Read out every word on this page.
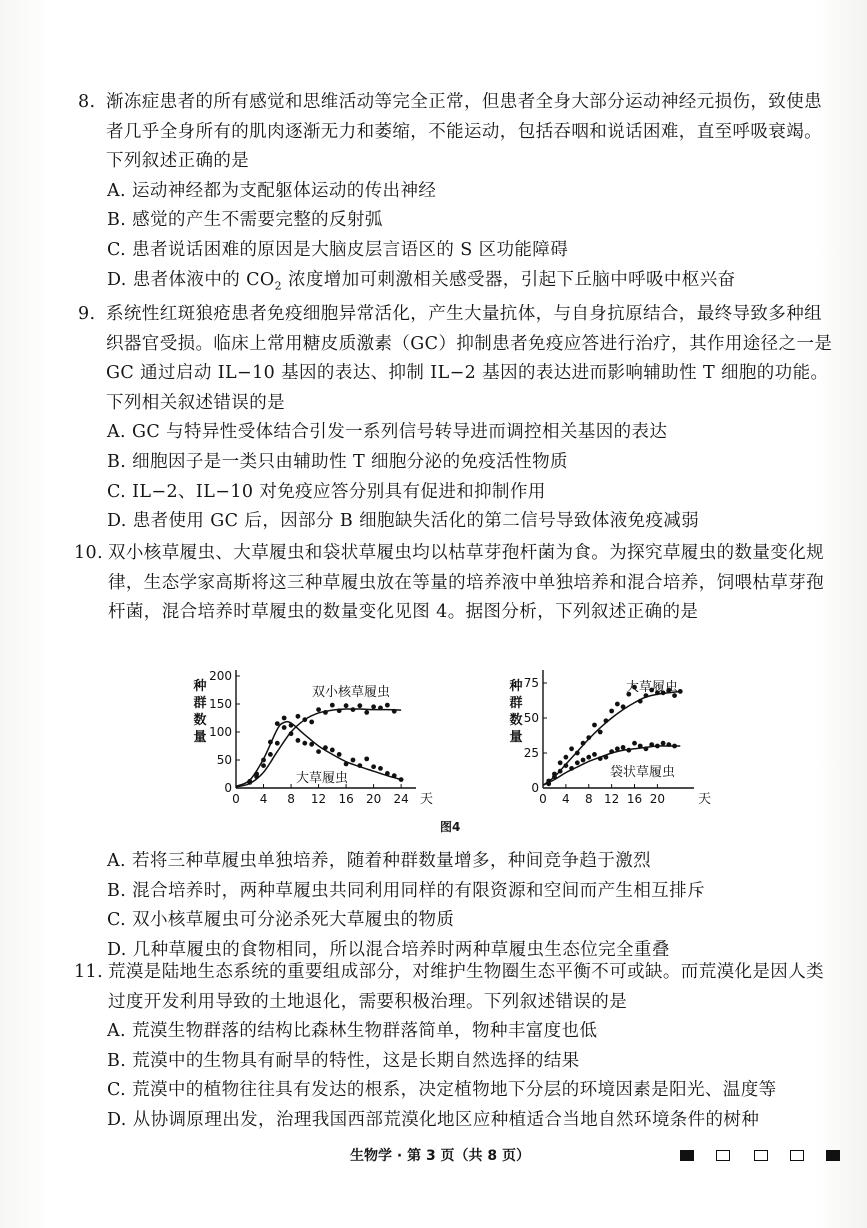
8. 渐冻症患者的所有感觉和思维活动等完全正常，但患者全身大部分运动神经元损伤，致使患者几乎全身所有的肌肉逐渐无力和萎缩，不能运动，包括吞咽和说话困难，直至呼吸衰竭。下列叙述正确的是

A. 运动神经都为支配躯体运动的传出神经

B. 感觉的产生不需要完整的反射弧

C. 患者说话困难的原因是大脑皮层言语区的 S 区功能障碍

D. 患者体液中的 $CO_2$ 浓度增加可刺激相关感受器，引起下丘脑中呼吸中枢兴奋

9. 系统性红斑狼疮患者免疫细胞异常活化，产生大量抗体，与自身抗原结合，最终导致多种组织器官受损。临床上常用糖皮质激素（GC）抑制患者免疫应答进行治疗，其作用途径之一是 GC 通过启动 IL−10 基因的表达、抑制 IL−2 基因的表达进而影响辅助性 T 细胞的功能。下列相关叙述错误的是

A. GC 与特异性受体结合引发一系列信号转导进而调控相关基因的表达

B. 细胞因子是一类只由辅助性 T 细胞分泌的免疫活性物质

C. IL−2、IL−10 对免疫应答分别具有促进和抑制作用

D. 患者使用 GC 后，因部分 B 细胞缺失活化的第二信号导致体液免疫减弱

10. 双小核草履虫、大草履虫和袋状草履虫均以枯草芽孢杆菌为食。为探究草履虫的数量变化规律，生态学家高斯将这三种草履虫放在等量的培养液中单独培养和混合培养，饲喂枯草芽孢杆菌，混合培养时草履虫的数量变化见图 4。据图分析，下列叙述正确的是

0
50
100
150
200
0 4 8 12 16 20 24 天
种
群
数
量
双小核草履虫
大草履虫
0
25
50
75
0 4 8 12 16 20	天
种
群
数
量
大草履虫
袋状草履虫
图4

A. 若将三种草履虫单独培养，随着种群数量增多，种间竞争趋于激烈

B. 混合培养时，两种草履虫共同利用同样的有限资源和空间而产生相互排斥

C. 双小核草履虫可分泌杀死大草履虫的物质

D. 几种草履虫的食物相同，所以混合培养时两种草履虫生态位完全重叠

11. 荒漠是陆地生态系统的重要组成部分，对维护生物圈生态平衡不可或缺。而荒漠化是因人类过度开发利用导致的土地退化，需要积极治理。下列叙述错误的是

A. 荒漠生物群落的结构比森林生物群落简单，物种丰富度也低

B. 荒漠中的生物具有耐旱的特性，这是长期自然选择的结果

C. 荒漠中的植物往往具有发达的根系，决定植物地下分层的环境因素是阳光、温度等

D. 从协调原理出发，治理我国西部荒漠化地区应种植适合当地自然环境条件的树种

生物学 · 第 3 页（共 8 页）
